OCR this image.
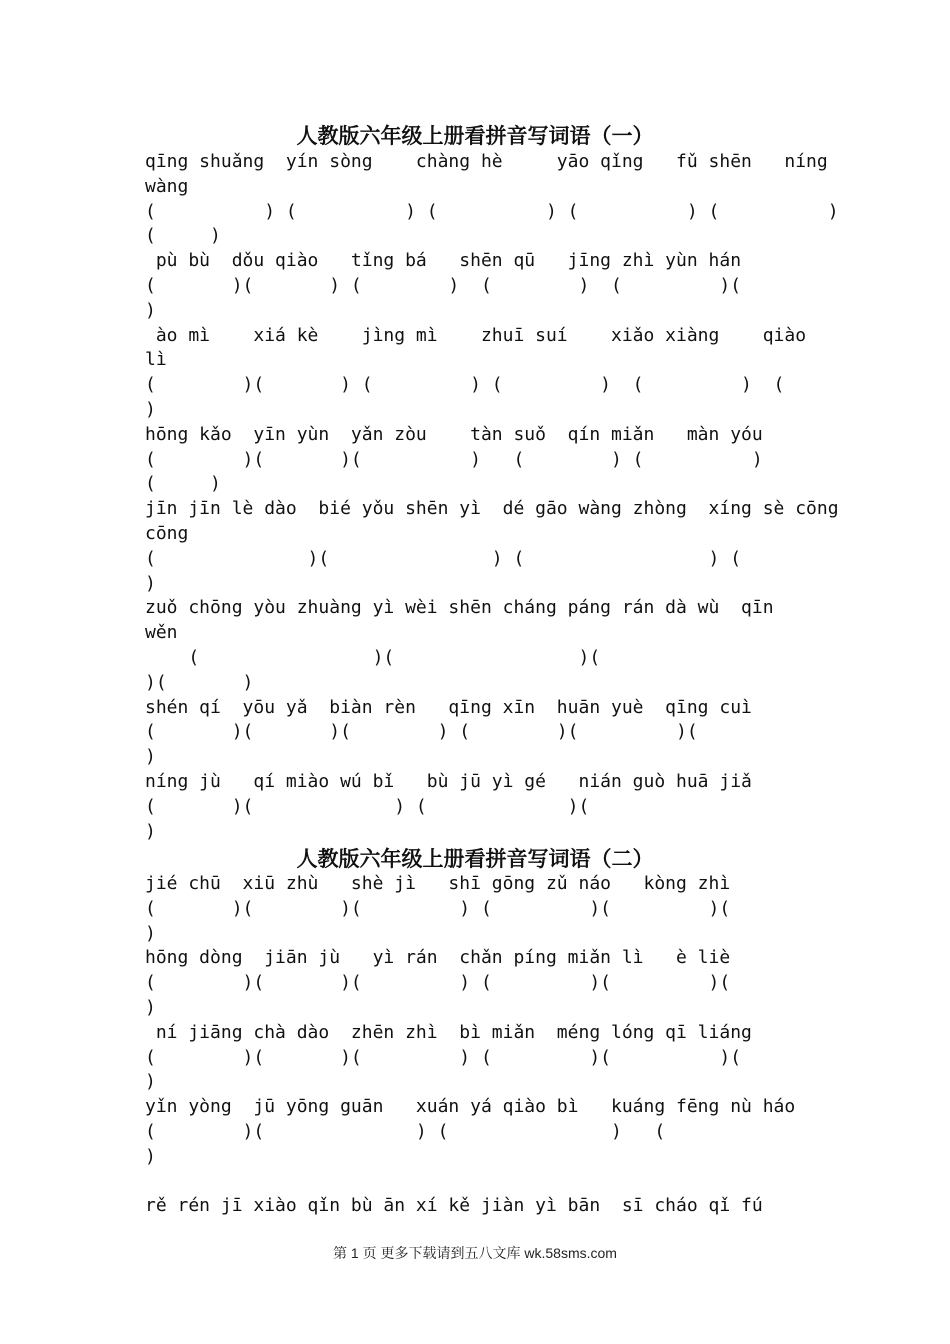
人教版六年级上册看拼音写词语（一）
qīng shuǎng  yín sòng    chàng hè     yāo qǐng   fǔ shēn   níng
wàng
(          ) (          ) (          ) (          ) (          )
(     )
pù bù  dǒu qiào   tǐng bá   shēn qū   jīng zhì yùn hán
(       )(       ) (        )  (        )  (         )(
)
ào mì    xiá kè    jìng mì    zhuī suí    xiǎo xiàng    qiào
lì
(        )(       ) (         ) (         )  (         )  (
)
hōng kǎo  yīn yùn  yǎn zòu    tàn suǒ  qín miǎn   màn yóu
(        )(       )(          )   (        ) (          )
(     )
jīn jīn lè dào  bié yǒu shēn yì  dé gāo wàng zhòng  xíng sè cōng
cōng
(              )(               ) (                 ) (
)
zuǒ chōng yòu zhuàng yì wèi shēn cháng páng rán dà wù  qīn
wěn
(                )(                 )(
)(       )
shén qí  yōu yǎ  biàn rèn   qīng xīn  huān yuè  qīng cuì
(       )(       )(        ) (        )(         )(
)
níng jù   qí miào wú bǐ   bù jū yì gé   nián guò huā jiǎ
(       )(             ) (             )(
)
人教版六年级上册看拼音写词语（二）
jié chū  xiū zhù   shè jì   shī gōng zǔ náo   kòng zhì
(       )(        )(         ) (         )(         )(
)
hōng dòng  jiān jù   yì rán  chǎn píng miǎn lì   è liè
(        )(       )(         ) (         )(         )(
)
ní jiāng chà dào  zhēn zhì  bì miǎn  méng lóng qī liáng
(        )(       )(         ) (         )(          )(
)
yǐn yòng  jū yōng guān   xuán yá qiào bì   kuáng fēng nù háo
(        )(              ) (               )   (
)
rě rén jī xiào qǐn bù ān xí kě jiàn yì bān  sī cháo qǐ fú
第 1 页 更多下载请到五八文库 wk.58sms.com
